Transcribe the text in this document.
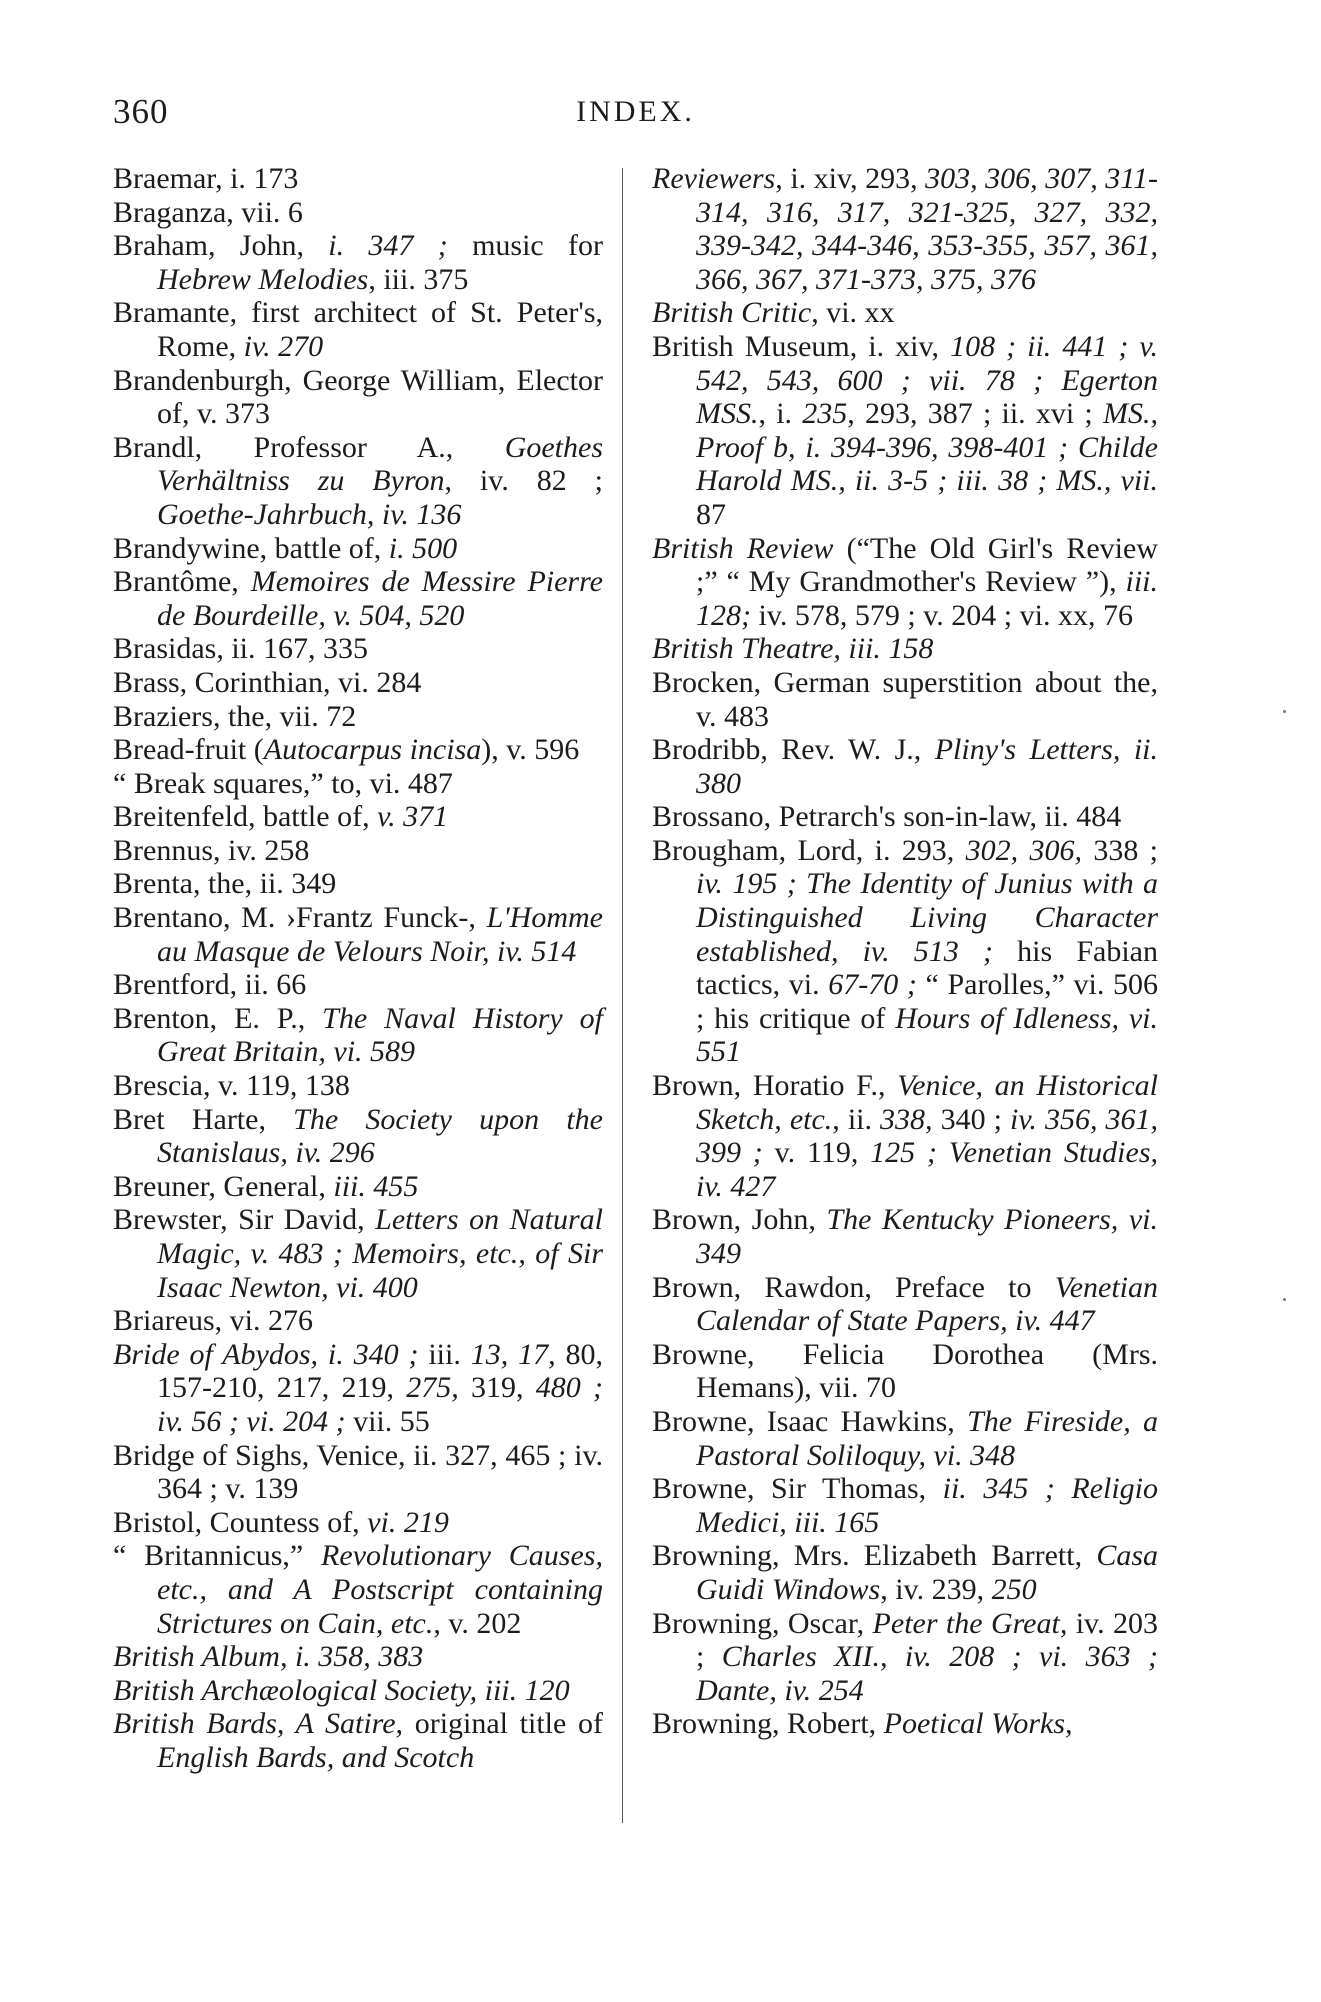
360	INDEX.

Braemar, i. 173

Braganza, vii. 6

Braham, John, i. 347 ; music for Hebrew Melodies, iii. 375

Bramante, first architect of St. Peter's, Rome, iv. 270

Brandenburgh, George William, Elector of, v. 373

Brandl, Professor A., Goethes Verhältniss zu Byron, iv. 82 ; Goethe-Jahrbuch, iv. 136

Brandywine, battle of, i. 500

Brantôme, Memoires de Messire Pierre de Bourdeille, v. 504, 520

Brasidas, ii. 167, 335

Brass, Corinthian, vi. 284

Braziers, the, vii. 72

Bread-fruit (Autocarpus incisa), v. 596

“ Break squares,” to, vi. 487

Breitenfeld, battle of, v. 371

Brennus, iv. 258

Brenta, the, ii. 349

Brentano, M. ›Frantz Funck-, L'Homme au Masque de Velours Noir, iv. 514

Brentford, ii. 66

Brenton, E. P., The Naval History of Great Britain, vi. 589

Brescia, v. 119, 138

Bret Harte, The Society upon the Stanislaus, iv. 296

Breuner, General, iii. 455

Brewster, Sir David, Letters on Natural Magic, v. 483 ; Memoirs, etc., of Sir Isaac Newton, vi. 400

Briareus, vi. 276

Bride of Abydos, i. 340 ; iii. 13, 17, 80, 157-210, 217, 219, 275, 319, 480 ; iv. 56 ; vi. 204 ; vii. 55

Bridge of Sighs, Venice, ii. 327, 465 ; iv. 364 ; v. 139

Bristol, Countess of, vi. 219

“ Britannicus,” Revolutionary Causes, etc., and A Postscript containing Strictures on Cain, etc., v. 202

British Album, i. 358, 383

British Archæological Society, iii. 120

British Bards, A Satire, original title of English Bards, and Scotch

Reviewers, i. xiv, 293, 303, 306, 307, 311-314, 316, 317, 321-325, 327, 332, 339-342, 344-346, 353-355, 357, 361, 366, 367, 371-373, 375, 376

British Critic, vi. xx

British Museum, i. xiv, 108 ; ii. 441 ; v. 542, 543, 600 ; vii. 78 ; Egerton MSS., i. 235, 293, 387 ; ii. xvi ; MS., Proof b, i. 394-396, 398-401 ; Childe Harold MS., ii. 3-5 ; iii. 38 ; MS., vii. 87

British Review (“The Old Girl's Review ;” “ My Grandmother's Review ”), iii. 128; iv. 578, 579 ; v. 204 ; vi. xx, 76

British Theatre, iii. 158

Brocken, German superstition about the, v. 483

Brodribb, Rev. W. J., Pliny's Letters, ii. 380

Brossano, Petrarch's son-in-law, ii. 484

Brougham, Lord, i. 293, 302, 306, 338 ; iv. 195 ; The Identity of Junius with a Distinguished Living Character established, iv. 513 ; his Fabian tactics, vi. 67-70 ; “ Parolles,” vi. 506 ; his critique of Hours of Idleness, vi. 551

Brown, Horatio F., Venice, an Historical Sketch, etc., ii. 338, 340 ; iv. 356, 361, 399 ; v. 119, 125 ; Venetian Studies, iv. 427

Brown, John, The Kentucky Pioneers, vi. 349

Brown, Rawdon, Preface to Venetian Calendar of State Papers, iv. 447

Browne, Felicia Dorothea (Mrs. Hemans), vii. 70

Browne, Isaac Hawkins, The Fireside, a Pastoral Soliloquy, vi. 348

Browne, Sir Thomas, ii. 345 ; Religio Medici, iii. 165

Browning, Mrs. Elizabeth Barrett, Casa Guidi Windows, iv. 239, 250

Browning, Oscar, Peter the Great, iv. 203 ; Charles XII., iv. 208 ; vi. 363 ; Dante, iv. 254

Browning, Robert, Poetical Works,
